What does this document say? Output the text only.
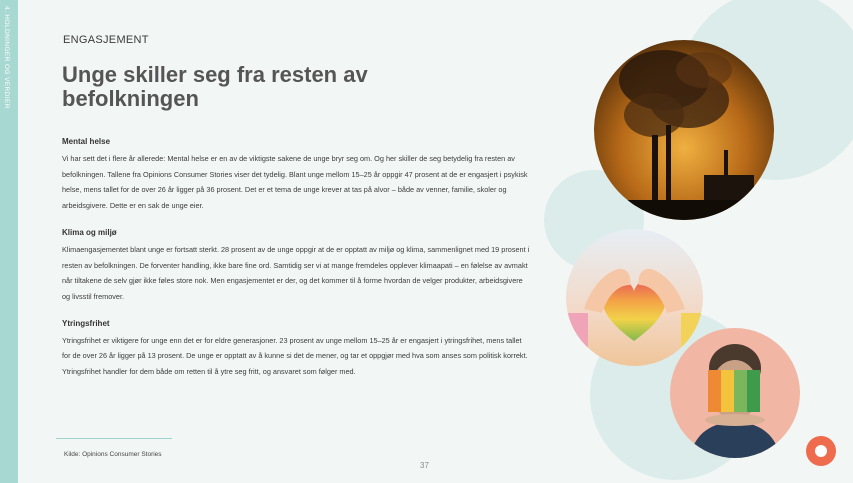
4. HOLDNINGER OG VERDIER	ENGASJEMENT
Unge skiller seg fra resten av befolkningen
Mental helse

Vi har sett det i flere år allerede: Mental helse er en av de viktigste sakene de unge bryr seg om. Og her skiller de seg betydelig fra resten av befolkningen. Tallene fra Opinions Consumer Stories viser det tydelig. Blant unge mellom 15–25 år oppgir 47 prosent at de er engasjert i psykisk helse, mens tallet for de over 26 år ligger på 36 prosent. Det er et tema de unge krever at tas på alvor – både av venner, familie, skoler og arbeidsgivere. Dette er en sak de unge eier.

Klima og miljø

Klimaengasjementet blant unge er fortsatt sterkt. 28 prosent av de unge oppgir at de er opptatt av miljø og klima, sammenlignet med 19 prosent i resten av befolkningen. De forventer handling, ikke bare fine ord. Samtidig ser vi at mange fremdeles opplever klimaapati – en følelse av avmakt når tiltakene de selv gjør ikke føles store nok. Men engasjementet er der, og det kommer til å forme hvordan de velger produkter, arbeidsgivere og livsstil fremover.

Ytringsfrihet

Ytringsfrihet er viktigere for unge enn det er for eldre generasjoner. 23 prosent av unge mellom 15–25 år er engasjert i ytringsfrihet, mens tallet for de over 26 år ligger på 13 prosent. De unge er opptatt av å kunne si det de mener, og tar et oppgjør med hva som anses som politisk korrekt. Ytringsfrihet handler for dem både om retten til å ytre seg fritt, og ansvaret som følger med.

Kilde: Opinions Consumer Stories
37
